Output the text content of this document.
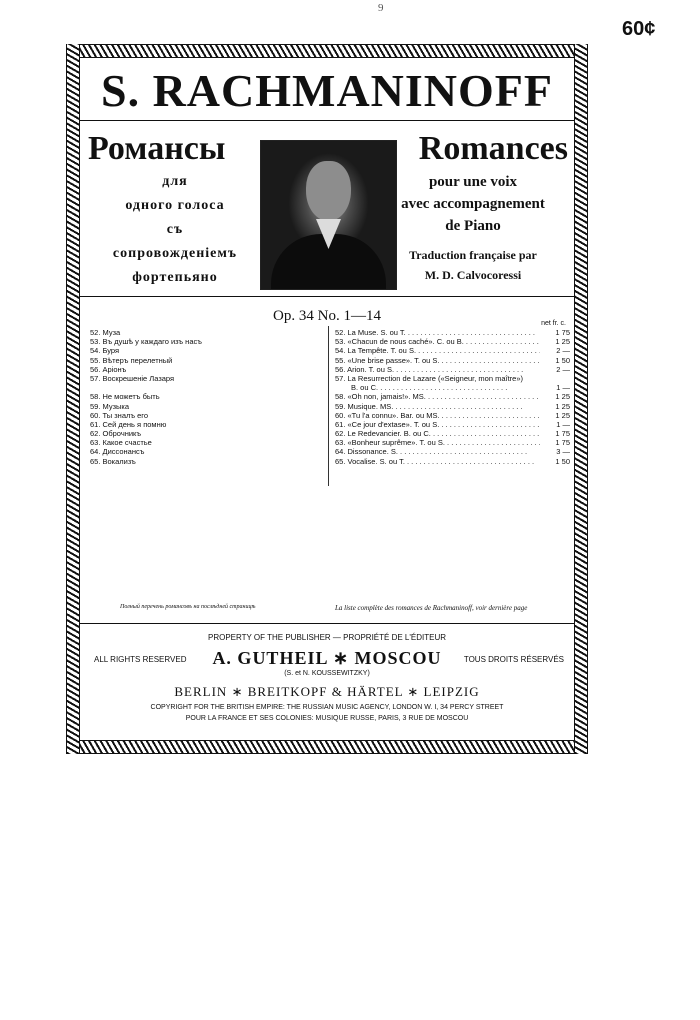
9
60¢
S. RACHMANINOFF
Романсы	Romances
для
одного голоса
съ
сопровожденіемъ
фортепьяно
pour une voix
avec accompagnement
de Piano
Traduction française par
M. D. Calvocoressi
Op. 34 No. 1—14	net fr. c.
52. Муза
53. Въ душѣ у каждаго изъ насъ
54. Буря
55. Вѣтеръ перелетный
56. Аріонъ
57. Воскрешеніе Лазаря
58. Не можетъ быть
59. Музыка
60. Ты зналъ его
61. Сей день я помню
62. Оброчникъ
63. Какое счастье
64. Диссонансъ
65. Вокализъ
52. La Muse. S. ou T. . . .	1 75
53. «Chacun de nous caché». C. ou B. . . .	1 25
54. La Tempête. T. ou S. . . .	2 —
55. «Une brise passe». T. ou S. . . .	1 50
56. Arion. T. ou S. . . .	2 —
57. La Resurrection de Lazare («Seigneur, mon maître»)
B. ou C. . . .	1 —
58. «Oh non, jamais!». MS. . . .	1 25
59. Musique. MS. . . .	1 25
60. «Tu l'a connu». Bar. ou MS. . . .	1 25
61. «Ce jour d'extase». T. ou S. . . .	1 —
62. Le Redevancier. B. ou C. . . .	1 75
63. «Bonheur suprême». T. ou S. . . .	1 75
64. Dissonance. S. . . .	3 —
65. Vocalise. S. ou T. . . .	1 50
Полный перечень романсовъ на послѣдней страницѣ	La liste complète des romances de Rachmaninoff, voir dernière page
PROPERTY OF THE PUBLISHER — PROPRIÉTÉ DE L'ÉDITEUR
ALL RIGHTS RESERVED	A. GUTHEIL ∗ MOSCOU	TOUS DROITS RÉSERVÉS
(S. et N. KOUSSEWITZKY)
BERLIN ∗ BREITKOPF & HÄRTEL ∗ LEIPZIG
COPYRIGHT FOR THE BRITISH EMPIRE: THE RUSSIAN MUSIC AGENCY, LONDON W. I, 34 PERCY STREET
POUR LA FRANCE ET SES COLONIES: MUSIQUE RUSSE, PARIS, 3 RUE DE MOSCOU
